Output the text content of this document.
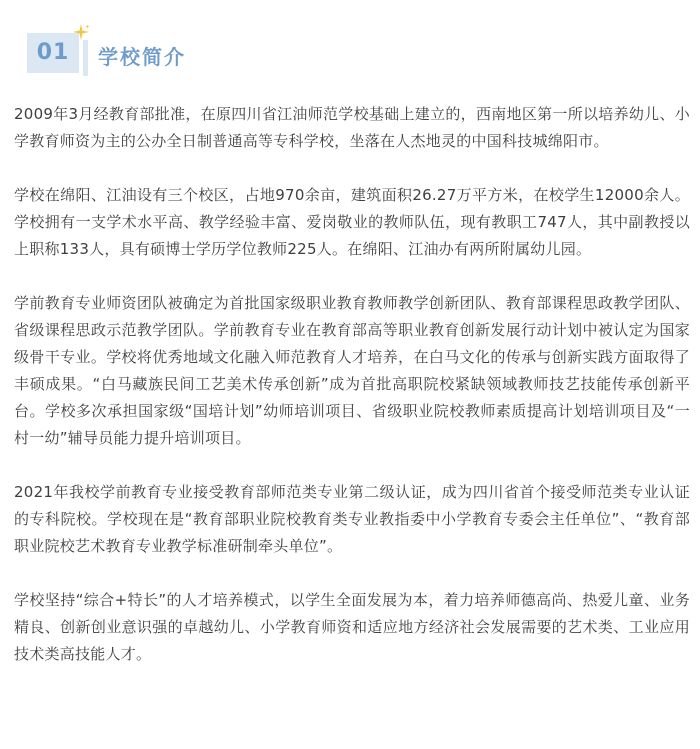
01	学校简介

2009年3月经教育部批准，在原四川省江油师范学校基础上建立的，西南地区第一所以培养幼儿、小学教育师资为主的公办全日制普通高等专科学校，坐落在人杰地灵的中国科技城绵阳市。

学校在绵阳、江油设有三个校区，占地970余亩，建筑面积26.27万平方米，在校学生12000余人。学校拥有一支学术水平高、教学经验丰富、爱岗敬业的教师队伍，现有教职工747人，其中副教授以上职称133人，具有硕博士学历学位教师225人。在绵阳、江油办有两所附属幼儿园。

学前教育专业师资团队被确定为首批国家级职业教育教师教学创新团队、教育部课程思政教学团队、省级课程思政示范教学团队。学前教育专业在教育部高等职业教育创新发展行动计划中被认定为国家级骨干专业。学校将优秀地域文化融入师范教育人才培养，在白马文化的传承与创新实践方面取得了丰硕成果。“白马藏族民间工艺美术传承创新”成为首批高职院校紧缺领域教师技艺技能传承创新平台。学校多次承担国家级“国培计划”幼师培训项目、省级职业院校教师素质提高计划培训项目及“一村一幼”辅导员能力提升培训项目。

2021年我校学前教育专业接受教育部师范类专业第二级认证，成为四川省首个接受师范类专业认证的专科院校。学校现在是“教育部职业院校教育类专业教指委中小学教育专委会主任单位”、“教育部职业院校艺术教育专业教学标准研制牵头单位”。

学校坚持“综合+特长”的人才培养模式，以学生全面发展为本，着力培养师德高尚、热爱儿童、业务精良、创新创业意识强的卓越幼儿、小学教育师资和适应地方经济社会发展需要的艺术类、工业应用技术类高技能人才。
